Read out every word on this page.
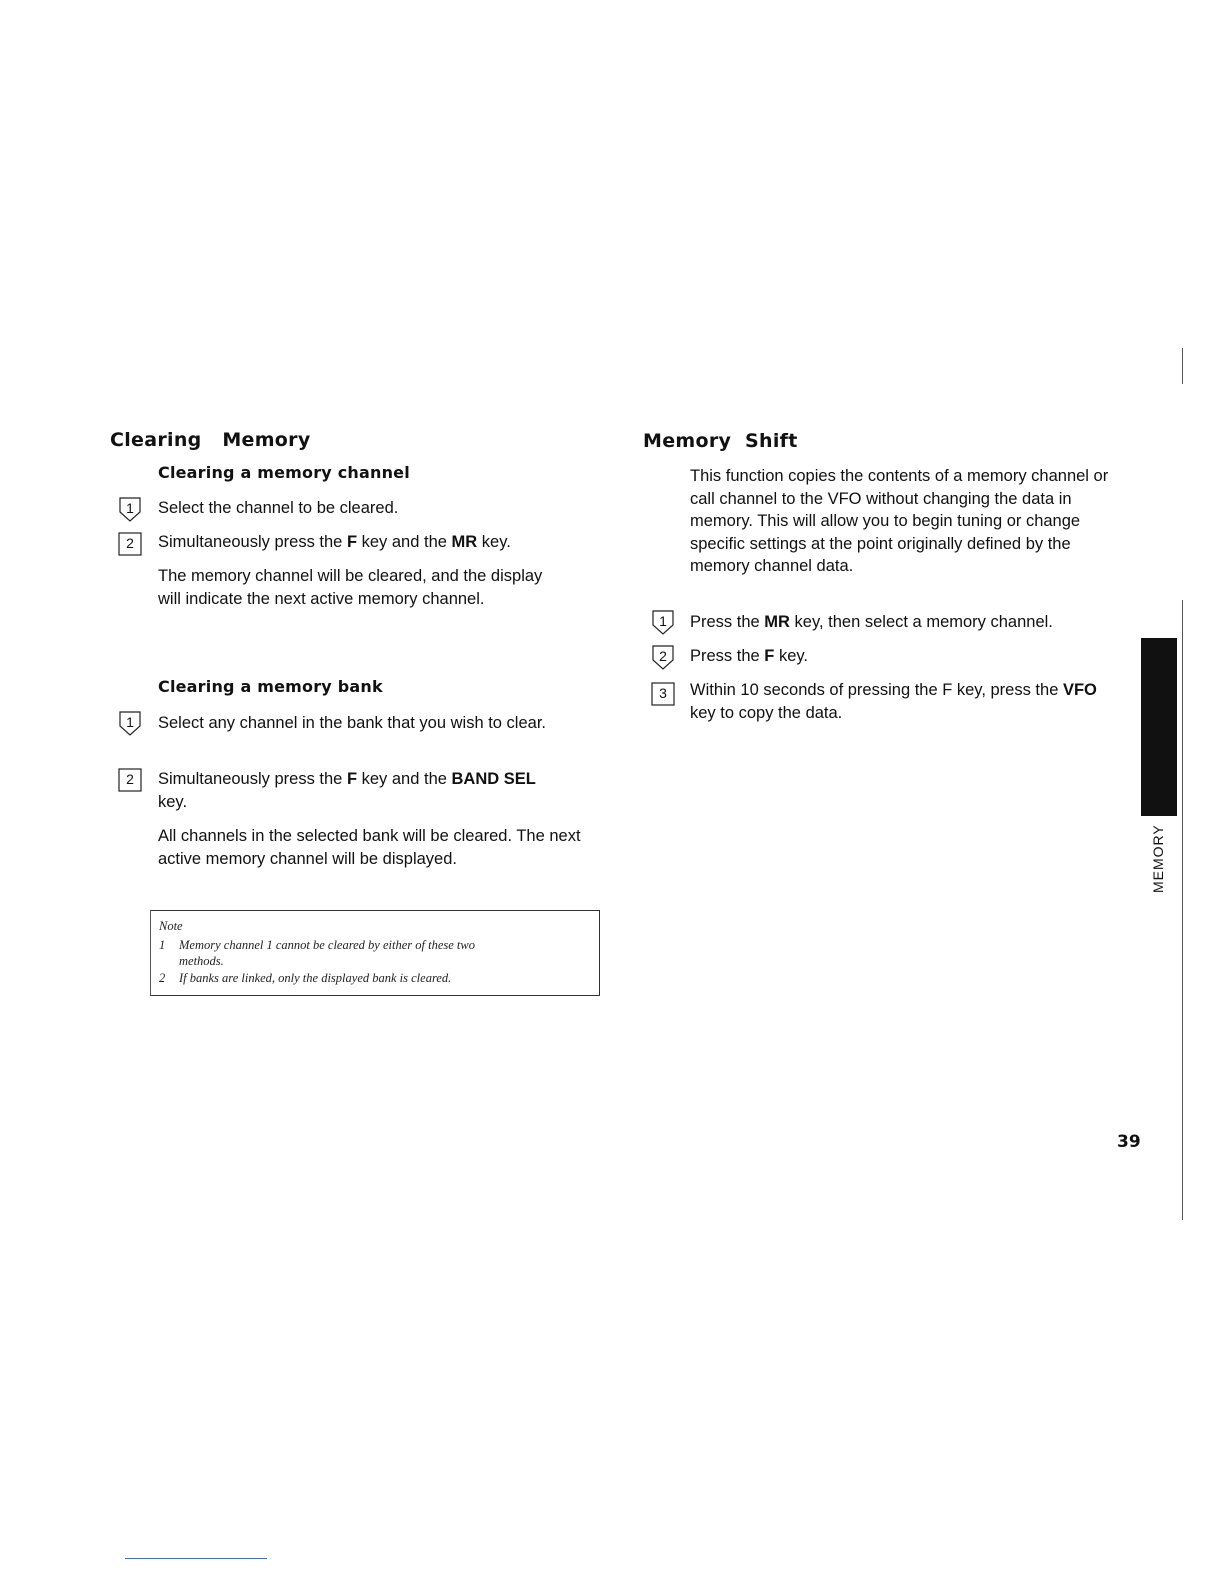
Clearing   Memory
Clearing a memory channel
1	Select the channel to be cleared.
2	Simultaneously press the F key and the MR key.
The memory channel will be cleared, and the display will indicate the next active memory channel.
Clearing a memory bank
1	Select any channel in the bank that you wish to clear.
2	Simultaneously press the F key and the BAND SEL key.
All channels in the selected bank will be cleared. The next active memory channel will be displayed.
Note
1 Memory channel 1 cannot be cleared by either of these two
methods.
2 If banks are linked, only the displayed bank is cleared.
Memory  Shift
This function copies the contents of a memory channel or call channel to the VFO without changing the data in memory. This will allow you to begin tuning or change specific settings at the point originally defined by the memory channel data.
1	Press the MR key, then select a memory channel.
2	Press the F key.
3	Within 10 seconds of pressing the F key, press the VFO key to copy the data.
MEMORY
39
